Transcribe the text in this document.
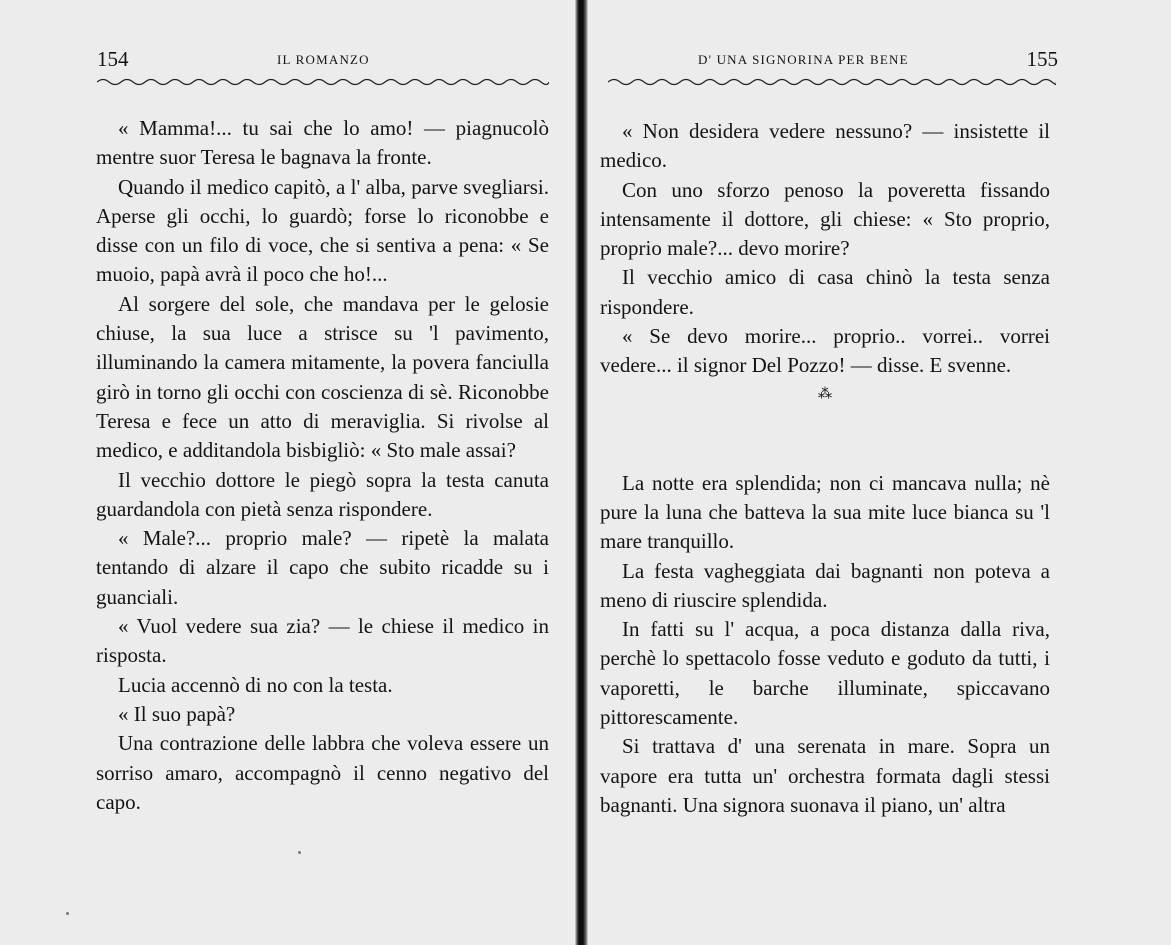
154	IL ROMANZO

« Mamma!... tu sai che lo amo! — piagnucolò mentre suor Teresa le bagnava la fronte.

Quando il medico capitò, a l' alba, parve svegliarsi. Aperse gli occhi, lo guardò; forse lo riconobbe e disse con un filo di voce, che si sentiva a pena: « Se muoio, papà avrà il poco che ho!...

Al sorgere del sole, che mandava per le gelosie chiuse, la sua luce a strisce su 'l pavimento, illuminando la camera mitamente, la povera fanciulla girò in torno gli occhi con coscienza di sè. Riconobbe Teresa e fece un atto di meraviglia. Si rivolse al medico, e additandola bisbigliò: « Sto male assai?

Il vecchio dottore le piegò sopra la testa canuta guardandola con pietà senza rispondere.

« Male?... proprio male? — ripetè la malata tentando di alzare il capo che subito ricadde su i guanciali.

« Vuol vedere sua zia? — le chiese il medico in risposta.

Lucia accennò di no con la testa.

« Il suo papà?

Una contrazione delle labbra che voleva essere un sorriso amaro, accompagnò il cenno negativo del capo.

D' UNA SIGNORINA PER BENE	155

« Non desidera vedere nessuno? — insistette il medico.

Con uno sforzo penoso la poveretta fissando intensamente il dottore, gli chiese: « Sto proprio, proprio male?... devo morire?

Il vecchio amico di casa chinò la testa senza rispondere.

« Se devo morire... proprio.. vorrei.. vorrei vedere... il signor Del Pozzo! — disse. E svenne.

⁂

La notte era splendida; non ci mancava nulla; nè pure la luna che batteva la sua mite luce bianca su 'l mare tranquillo.

La festa vagheggiata dai bagnanti non poteva a meno di riuscire splendida.

In fatti su l' acqua, a poca distanza dalla riva, perchè lo spettacolo fosse veduto e goduto da tutti, i vaporetti, le barche illuminate, spiccavano pittorescamente.

Si trattava d' una serenata in mare. Sopra un vapore era tutta un' orchestra formata dagli stessi bagnanti. Una signora suonava il piano, un' altra
